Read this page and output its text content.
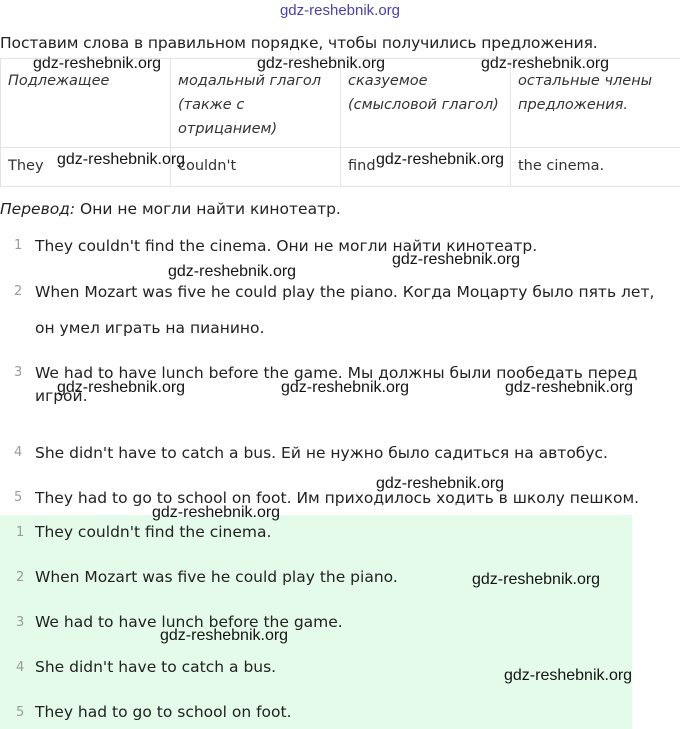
gdz-reshebnik.org
Поставим слова в правильном порядке, чтобы получились предложения.
Подлежащее	модальный глагол (также с отрицанием)	сказуемое (смысловой глагол)	остальные члены предложения.
They	couldn't	find	the cinema.
Перевод: Они не могли найти кинотеатр.
1 They couldn't find the cinema. Они не могли найти кинотеатр.
2 When Mozart was five he could play the piano. Когда Моцарту было пять лет, он умел играть на пианино.
3 We had to have lunch before the game. Мы должны были пообедать перед игрой.
4 She didn't have to catch a bus. Ей не нужно было садиться на автобус.
5 They had to go to school on foot. Им приходилось ходить в школу пешком.
1 They couldn't find the cinema.
2 When Mozart was five he could play the piano.
3 We had to have lunch before the game.
4 She didn't have to catch a bus.
5 They had to go to school on foot.
gdz-reshebnik.org	gdz-reshebnik.org	gdz-reshebnik.org
gdz-reshebnik.org	gdz-reshebnik.org
gdz-reshebnik.org
gdz-reshebnik.org
gdz-reshebnik.org	gdz-reshebnik.org	gdz-reshebnik.org
gdz-reshebnik.org
gdz-reshebnik.org
gdz-reshebnik.org
gdz-reshebnik.org
gdz-reshebnik.org
